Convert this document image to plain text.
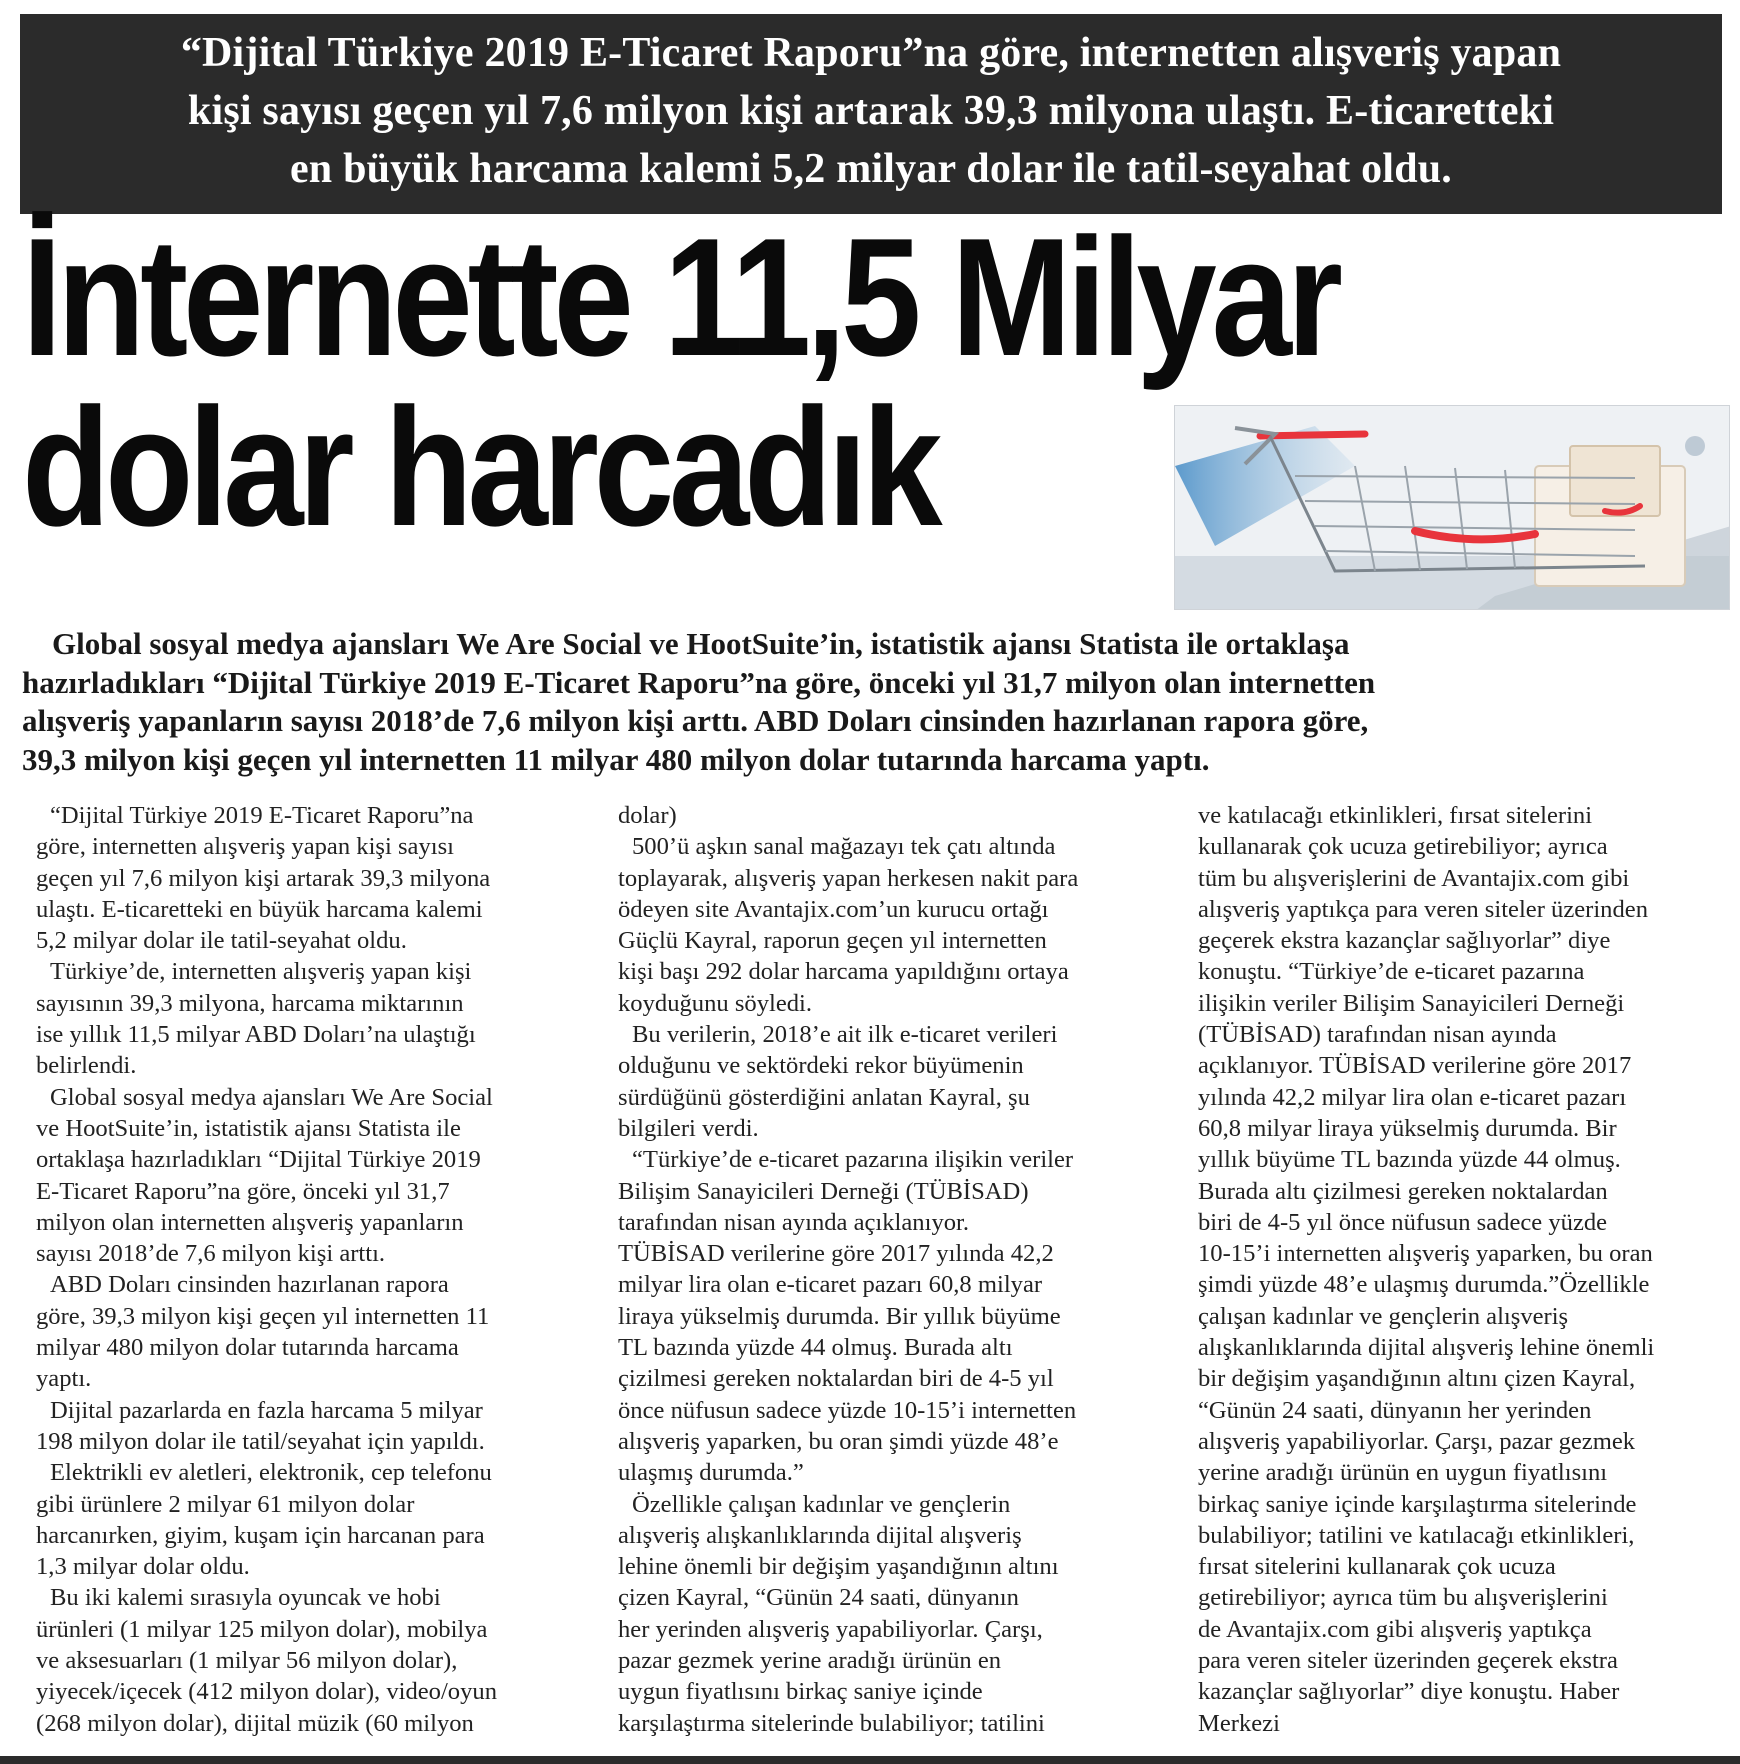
“Dijital Türkiye 2019 E-Ticaret Raporu”na göre, internetten alışveriş yapan

kişi sayısı geçen yıl 7,6 milyon kişi artarak 39,3 milyona ulaştı. E-ticaretteki

en büyük harcama kalemi 5,2 milyar dolar ile tatil-seyahat oldu.

İnternette 11,5 Milyar
dolar harcadık
Global sosyal medya ajansları We Are Social ve HootSuite’in, istatistik ajansı Statista ile ortaklaşa
hazırladıkları “Dijital Türkiye 2019 E-Ticaret Raporu”na göre, önceki yıl 31,7 milyon olan internetten
alışveriş yapanların sayısı 2018’de 7,6 milyon kişi arttı. ABD Doları cinsinden hazırlanan rapora göre,
39,3 milyon kişi geçen yıl internetten 11 milyar 480 milyon dolar tutarında harcama yaptı.
“Dijital Türkiye 2019 E-Ticaret Raporu”na
göre, internetten alışveriş yapan kişi sayısı
geçen yıl 7,6 milyon kişi artarak 39,3 milyona
ulaştı. E-ticaretteki en büyük harcama kalemi
5,2 milyar dolar ile tatil-seyahat oldu.
Türkiye’de, internetten alışveriş yapan kişi
sayısının 39,3 milyona, harcama miktarının
ise yıllık 11,5 milyar ABD Doları’na ulaştığı
belirlendi.
Global sosyal medya ajansları We Are Social
ve HootSuite’in, istatistik ajansı Statista ile
ortaklaşa hazırladıkları “Dijital Türkiye 2019
E-Ticaret Raporu”na göre, önceki yıl 31,7
milyon olan internetten alışveriş yapanların
sayısı 2018’de 7,6 milyon kişi arttı.
ABD Doları cinsinden hazırlanan rapora
göre, 39,3 milyon kişi geçen yıl internetten 11
milyar 480 milyon dolar tutarında harcama
yaptı.
Dijital pazarlarda en fazla harcama 5 milyar
198 milyon dolar ile tatil/seyahat için yapıldı.
Elektrikli ev aletleri, elektronik, cep telefonu
gibi ürünlere 2 milyar 61 milyon dolar
harcanırken, giyim, kuşam için harcanan para
1,3 milyar dolar oldu.
Bu iki kalemi sırasıyla oyuncak ve hobi
ürünleri (1 milyar 125 milyon dolar), mobilya
ve aksesuarları (1 milyar 56 milyon dolar),
yiyecek/içecek (412 milyon dolar), video/oyun
(268 milyon dolar), dijital müzik (60 milyon
dolar)
500’ü aşkın sanal mağazayı tek çatı altında
toplayarak, alışveriş yapan herkesen nakit para
ödeyen site Avantajix.com’un kurucu ortağı
Güçlü Kayral, raporun geçen yıl internetten
kişi başı 292 dolar harcama yapıldığını ortaya
koyduğunu söyledi.
Bu verilerin, 2018’e ait ilk e-ticaret verileri
olduğunu ve sektördeki rekor büyümenin
sürdüğünü gösterdiğini anlatan Kayral, şu
bilgileri verdi.
“Türkiye’de e-ticaret pazarına ilişikin veriler
Bilişim Sanayicileri Derneği (TÜBİSAD)
tarafından nisan ayında açıklanıyor.
TÜBİSAD verilerine göre 2017 yılında 42,2
milyar lira olan e-ticaret pazarı 60,8 milyar
liraya yükselmiş durumda. Bir yıllık büyüme
TL bazında yüzde 44 olmuş. Burada altı
çizilmesi gereken noktalardan biri de 4-5 yıl
önce nüfusun sadece yüzde 10-15’i internetten
alışveriş yaparken, bu oran şimdi yüzde 48’e
ulaşmış durumda.”
Özellikle çalışan kadınlar ve gençlerin
alışveriş alışkanlıklarında dijital alışveriş
lehine önemli bir değişim yaşandığının altını
çizen Kayral, “Günün 24 saati, dünyanın
her yerinden alışveriş yapabiliyorlar. Çarşı,
pazar gezmek yerine aradığı ürünün en
uygun fiyatlısını birkaç saniye içinde
karşılaştırma sitelerinde bulabiliyor; tatilini
ve katılacağı etkinlikleri, fırsat sitelerini
kullanarak çok ucuza getirebiliyor; ayrıca
tüm bu alışverişlerini de Avantajix.com gibi
alışveriş yaptıkça para veren siteler üzerinden
geçerek ekstra kazançlar sağlıyorlar” diye
konuştu. “Türkiye’de e-ticaret pazarına
ilişikin veriler Bilişim Sanayicileri Derneği
(TÜBİSAD) tarafından nisan ayında
açıklanıyor. TÜBİSAD verilerine göre 2017
yılında 42,2 milyar lira olan e-ticaret pazarı
60,8 milyar liraya yükselmiş durumda. Bir
yıllık büyüme TL bazında yüzde 44 olmuş.
Burada altı çizilmesi gereken noktalardan
biri de 4-5 yıl önce nüfusun sadece yüzde
10-15’i internetten alışveriş yaparken, bu oran
şimdi yüzde 48’e ulaşmış durumda.”Özellikle
çalışan kadınlar ve gençlerin alışveriş
alışkanlıklarında dijital alışveriş lehine önemli
bir değişim yaşandığının altını çizen Kayral,
“Günün 24 saati, dünyanın her yerinden
alışveriş yapabiliyorlar. Çarşı, pazar gezmek
yerine aradığı ürünün en uygun fiyatlısını
birkaç saniye içinde karşılaştırma sitelerinde
bulabiliyor; tatilini ve katılacağı etkinlikleri,
fırsat sitelerini kullanarak çok ucuza
getirebiliyor; ayrıca tüm bu alışverişlerini
de Avantajix.com gibi alışveriş yaptıkça
para veren siteler üzerinden geçerek ekstra
kazançlar sağlıyorlar” diye konuştu. Haber
Merkezi
